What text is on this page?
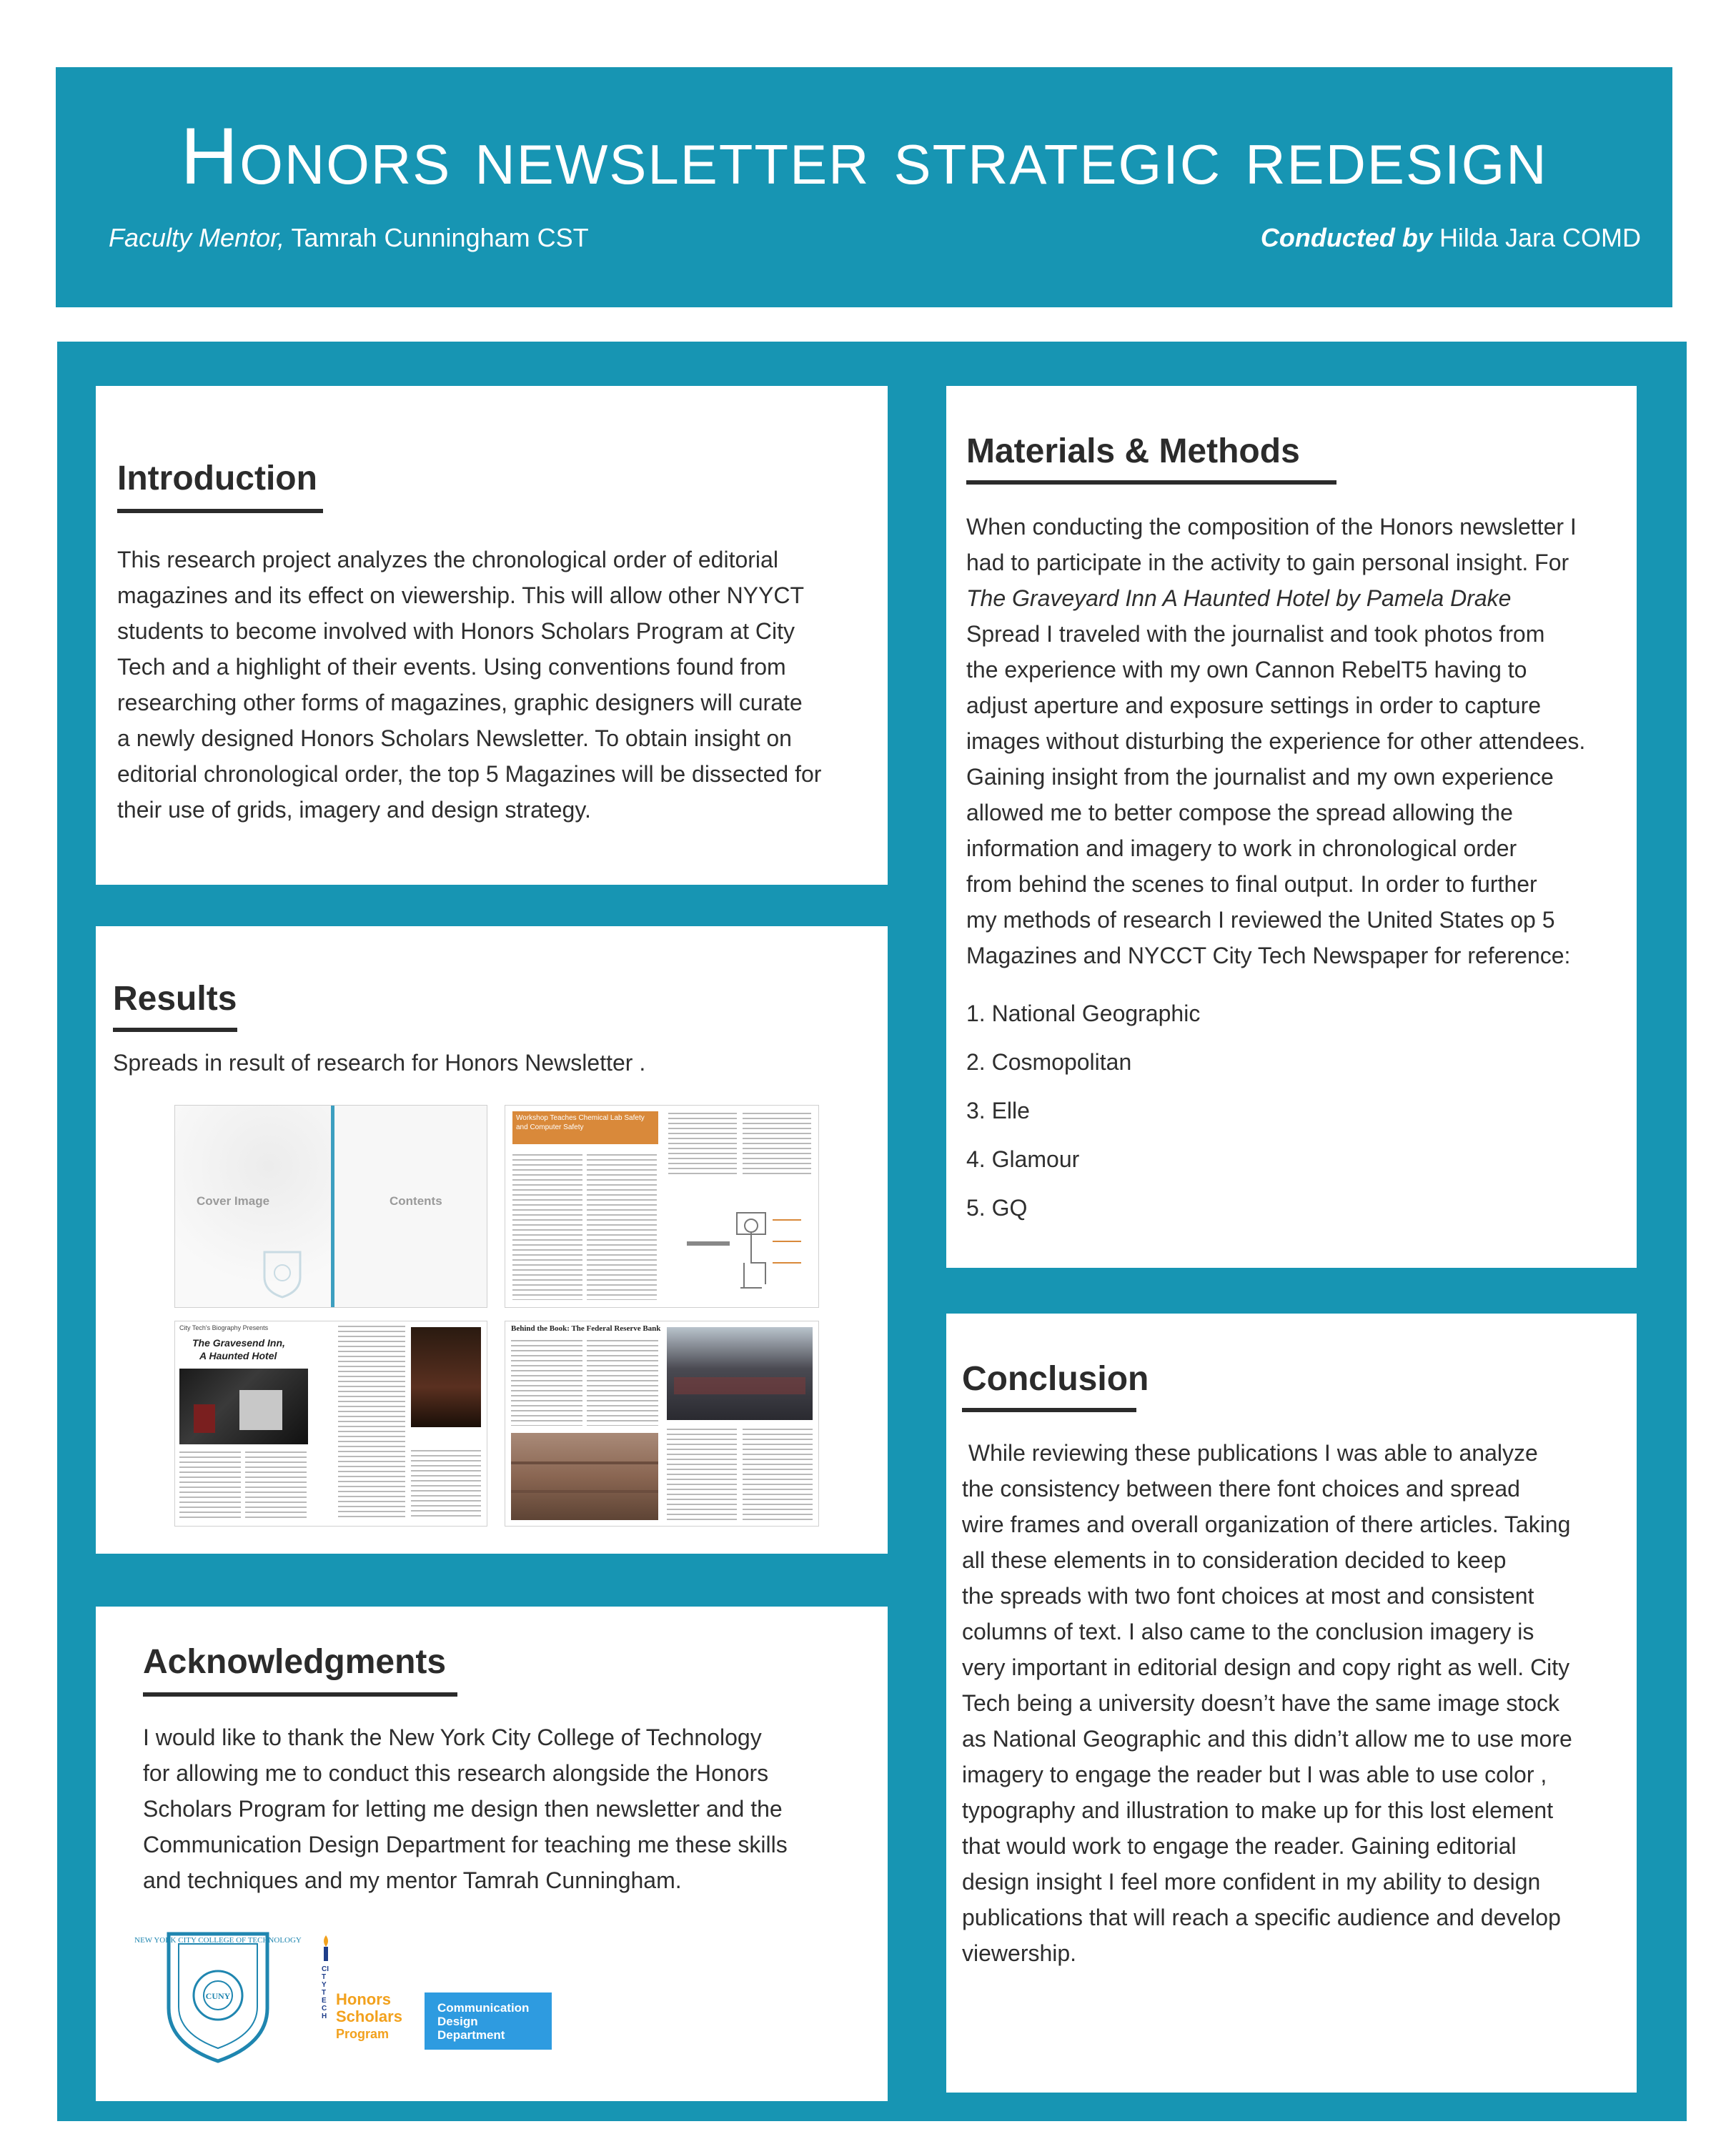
Honors newsletter strategic redesign
Faculty Mentor, Tamrah Cunningham CST	Conducted by Hilda Jara COMD
Introduction
This research project analyzes the chronological order of editorial
magazines and its effect on viewership. This will allow other NYYCT
students to become involved with Honors Scholars Program at City
Tech and a highlight of their events. Using conventions found from
researching other forms of magazines, graphic designers will curate
a newly designed Honors Scholars Newsletter. To obtain insight on
editorial chronological order, the top 5 Magazines will be dissected for
their use of grids, imagery and design strategy.
Results
Spreads in result of research for Honors Newsletter .
Cover Image	Contents
Workshop Teaches Chemical Lab Safety and Computer Safety
City Tech's Biography Presents
The Gravesend Inn,
A Haunted Hotel
Behind the Book: The Federal Reserve Bank
Acknowledgments
I would like to thank the New York City College of Technology
for allowing me to conduct this research alongside the Honors
Scholars Program for letting me design then newsletter and the
Communication Design Department for teaching me these skills
and techniques and my mentor Tamrah Cunningham.
NEW YORK CITY COLLEGE OF TECHNOLOGY
CUNY
CITY TECH
Honors
Scholars
Program
Communication
Design
Department
Materials & Methods
When conducting the composition of the Honors newsletter I
had to participate in the activity to gain personal insight. For
The Graveyard Inn A Haunted Hotel by Pamela Drake
Spread I traveled with the journalist and took photos from
the experience with my own Cannon RebelT5 having to
adjust aperture and exposure settings in order to capture
images without disturbing the experience for other attendees.
Gaining insight from the journalist and my own experience
allowed me to better compose the spread allowing the
information and imagery to work in chronological order
from behind the scenes to final output. In order to further
my methods of research I reviewed the United States op 5
Magazines and NYCCT City Tech Newspaper for reference:
1. National Geographic
2. Cosmopolitan
3. Elle
4. Glamour
5. GQ
Conclusion
While reviewing these publications I was able to analyze
the consistency between there font choices and spread
wire frames and overall organization of there articles. Taking
all these elements in to consideration decided to keep
the spreads with two font choices at most and consistent
columns of text. I also came to the conclusion imagery is
very important in editorial design and copy right as well. City
Tech being a university doesn’t have the same image stock
as National Geographic and this didn’t allow me to use more
imagery to engage the reader but I was able to use color ,
typography and illustration to make up for this lost element
that would work to engage the reader. Gaining editorial
design insight I feel more confident in my ability to design
publications that will reach a specific audience and develop
viewership.
